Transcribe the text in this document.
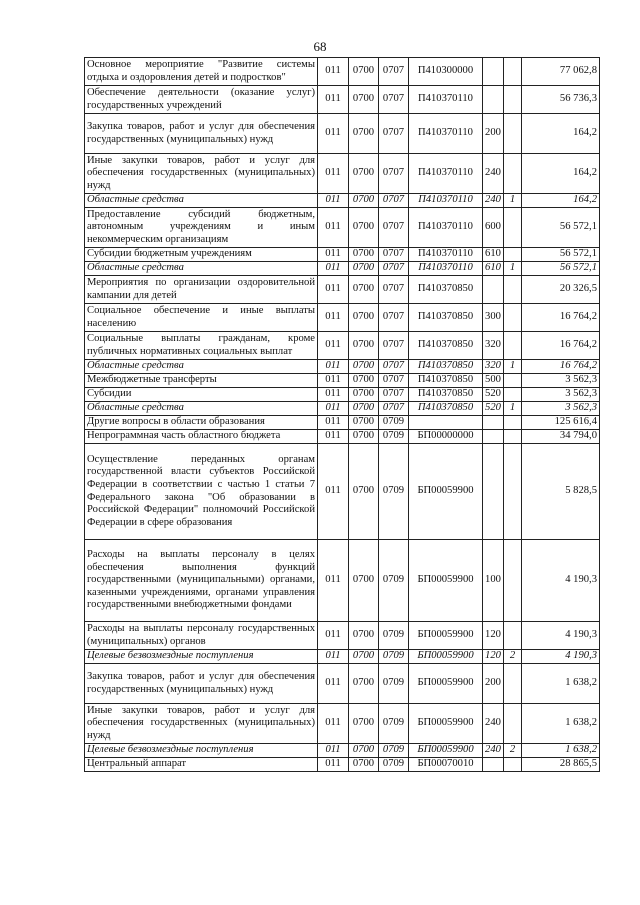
68
Основное мероприятие "Развитие системы отдыха и оздоровления детей и подростков"	011	0700	0707	П410300000			77 062,8
Обеспечение деятельности (оказание услуг) государственных учреждений	011	0700	0707	П410370110			56 736,3
Закупка товаров, работ и услуг для обеспечения государственных (муниципальных) нужд	011	0700	0707	П410370110	200		164,2
Иные закупки товаров, работ и услуг для обеспечения государственных (муниципальных) нужд	011	0700	0707	П410370110	240		164,2
Областные средства	011	0700	0707	П410370110	240	1	164,2
Предоставление субсидий бюджетным, автономным учреждениям и иным некоммерческим организациям	011	0700	0707	П410370110	600		56 572,1
Субсидии бюджетным учреждениям	011	0700	0707	П410370110	610		56 572,1
Областные средства	011	0700	0707	П410370110	610	1	56 572,1
Мероприятия по организации оздоровительной кампании для детей	011	0700	0707	П410370850			20 326,5
Социальное обеспечение и иные выплаты населению	011	0700	0707	П410370850	300		16 764,2
Социальные выплаты гражданам, кроме публичных нормативных социальных выплат	011	0700	0707	П410370850	320		16 764,2
Областные средства	011	0700	0707	П410370850	320	1	16 764,2
Межбюджетные трансферты	011	0700	0707	П410370850	500		3 562,3
Субсидии	011	0700	0707	П410370850	520		3 562,3
Областные средства	011	0700	0707	П410370850	520	1	3 562,3
Другие вопросы в области образования	011	0700	0709				125 616,4
Непрограммная часть областного бюджета	011	0700	0709	БП00000000			34 794,0
Осуществление переданных органам государственной власти субъектов Российской Федерации в соответствии с частью 1 статьи 7 Федерального закона "Об образовании в Российской Федерации" полномочий Российской Федерации в сфере образования	011	0700	0709	БП00059900			5 828,5
Расходы на выплаты персоналу в целях обеспечения выполнения функций государственными (муниципальными) органами, казенными учреждениями, органами управления государственными внебюджетными фондами	011	0700	0709	БП00059900	100		4 190,3
Расходы на выплаты персоналу государственных (муниципальных) органов	011	0700	0709	БП00059900	120		4 190,3
Целевые безвозмездные поступления	011	0700	0709	БП00059900	120	2	4 190,3
Закупка товаров, работ и услуг для обеспечения государственных (муниципальных) нужд	011	0700	0709	БП00059900	200		1 638,2
Иные закупки товаров, работ и услуг для обеспечения государственных (муниципальных) нужд	011	0700	0709	БП00059900	240		1 638,2
Целевые безвозмездные поступления	011	0700	0709	БП00059900	240	2	1 638,2
Центральный аппарат	011	0700	0709	БП00070010			28 865,5
